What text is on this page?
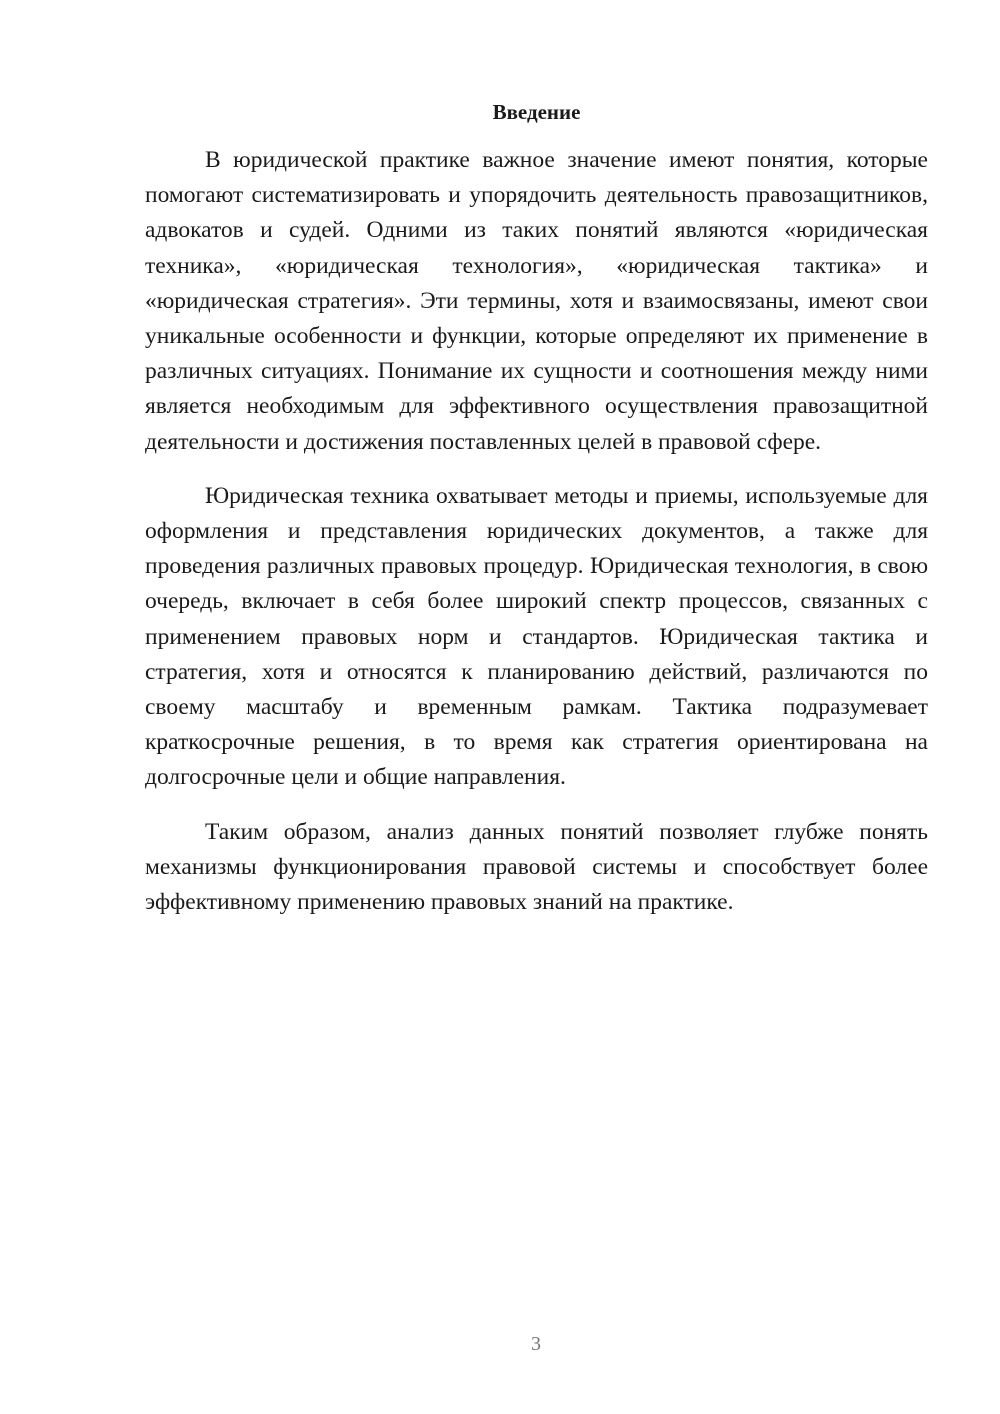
Введение

В юридической практике важное значение имеют понятия, которые помогают систематизировать и упорядочить деятельность правозащитников, адвокатов и судей. Одними из таких понятий являются «юридическая техника», «юридическая технология», «юридическая тактика» и «юридическая стратегия». Эти термины, хотя и взаимосвязаны, имеют свои уникальные особенности и функции, которые определяют их применение в различных ситуациях. Понимание их сущности и соотношения между ними является необходимым для эффективного осуществления правозащитной деятельности и достижения поставленных целей в правовой сфере.

Юридическая техника охватывает методы и приемы, используемые для оформления и представления юридических документов, а также для проведения различных правовых процедур. Юридическая технология, в свою очередь, включает в себя более широкий спектр процессов, связанных с применением правовых норм и стандартов. Юридическая тактика и стратегия, хотя и относятся к планированию действий, различаются по своему масштабу и временным рамкам. Тактика подразумевает краткосрочные решения, в то время как стратегия ориентирована на долгосрочные цели и общие направления.

Таким образом, анализ данных понятий позволяет глубже понять механизмы функционирования правовой системы и способствует более эффективному применению правовых знаний на практике.

3
